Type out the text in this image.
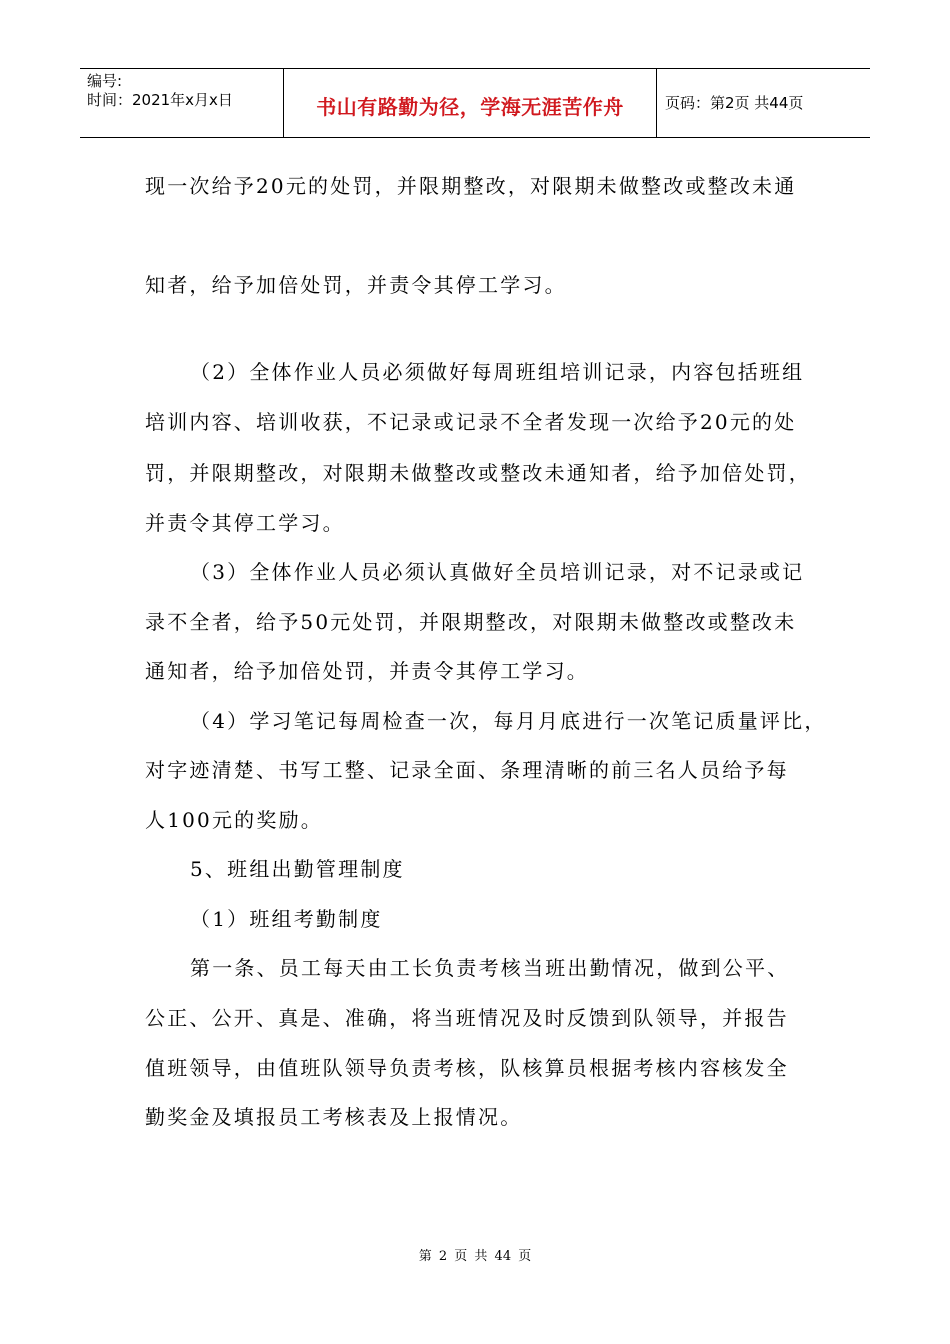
编号:
时间：2021年x月x日	书山有路勤为径，学海无涯苦作舟	页码：第2页 共44页
现一次给予20元的处罚，并限期整改，对限期未做整改或整改未通
知者，给予加倍处罚，并责令其停工学习。
（2）全体作业人员必须做好每周班组培训记录，内容包括班组
培训内容、培训收获，不记录或记录不全者发现一次给予20元的处
罚，并限期整改，对限期未做整改或整改未通知者，给予加倍处罚，
并责令其停工学习。
（3）全体作业人员必须认真做好全员培训记录，对不记录或记
录不全者，给予50元处罚，并限期整改，对限期未做整改或整改未
通知者，给予加倍处罚，并责令其停工学习。
（4）学习笔记每周检查一次，每月月底进行一次笔记质量评比，
对字迹清楚、书写工整、记录全面、条理清晰的前三名人员给予每
人100元的奖励。
5、班组出勤管理制度
（1）班组考勤制度
第一条、员工每天由工长负责考核当班出勤情况，做到公平、
公正、公开、真是、准确，将当班情况及时反馈到队领导，并报告
值班领导，由值班队领导负责考核，队核算员根据考核内容核发全
勤奖金及填报员工考核表及上报情况。
第 2 页 共 44 页
